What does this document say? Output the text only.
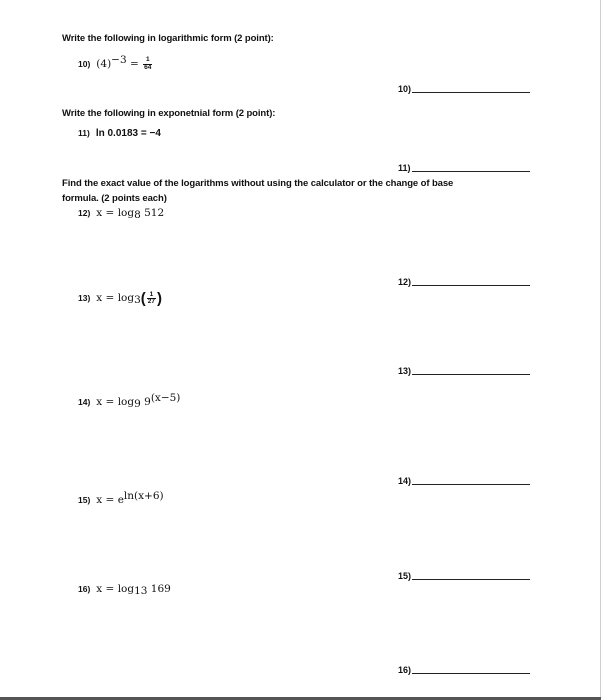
Write the following in logarithmic form (2 point):
10) $(4)^{-3} = \frac{1}{64}$
10)
Write the following in exponetnial form (2 point):
11) ln 0.0183 = −4
11)
Find the exact value of the logarithms without using the calculator or the change of base
formula. (2 points each)
12) $x = \log_8 512$
12)
13) $x = \log_3( \frac{1}{27}$ )
13)
14) $x = \log_9 9^{(x-5)}$
14)
15) $x = e^{ln(x+6)}$
15)
16) $x = \log_{13} 169$
16)
